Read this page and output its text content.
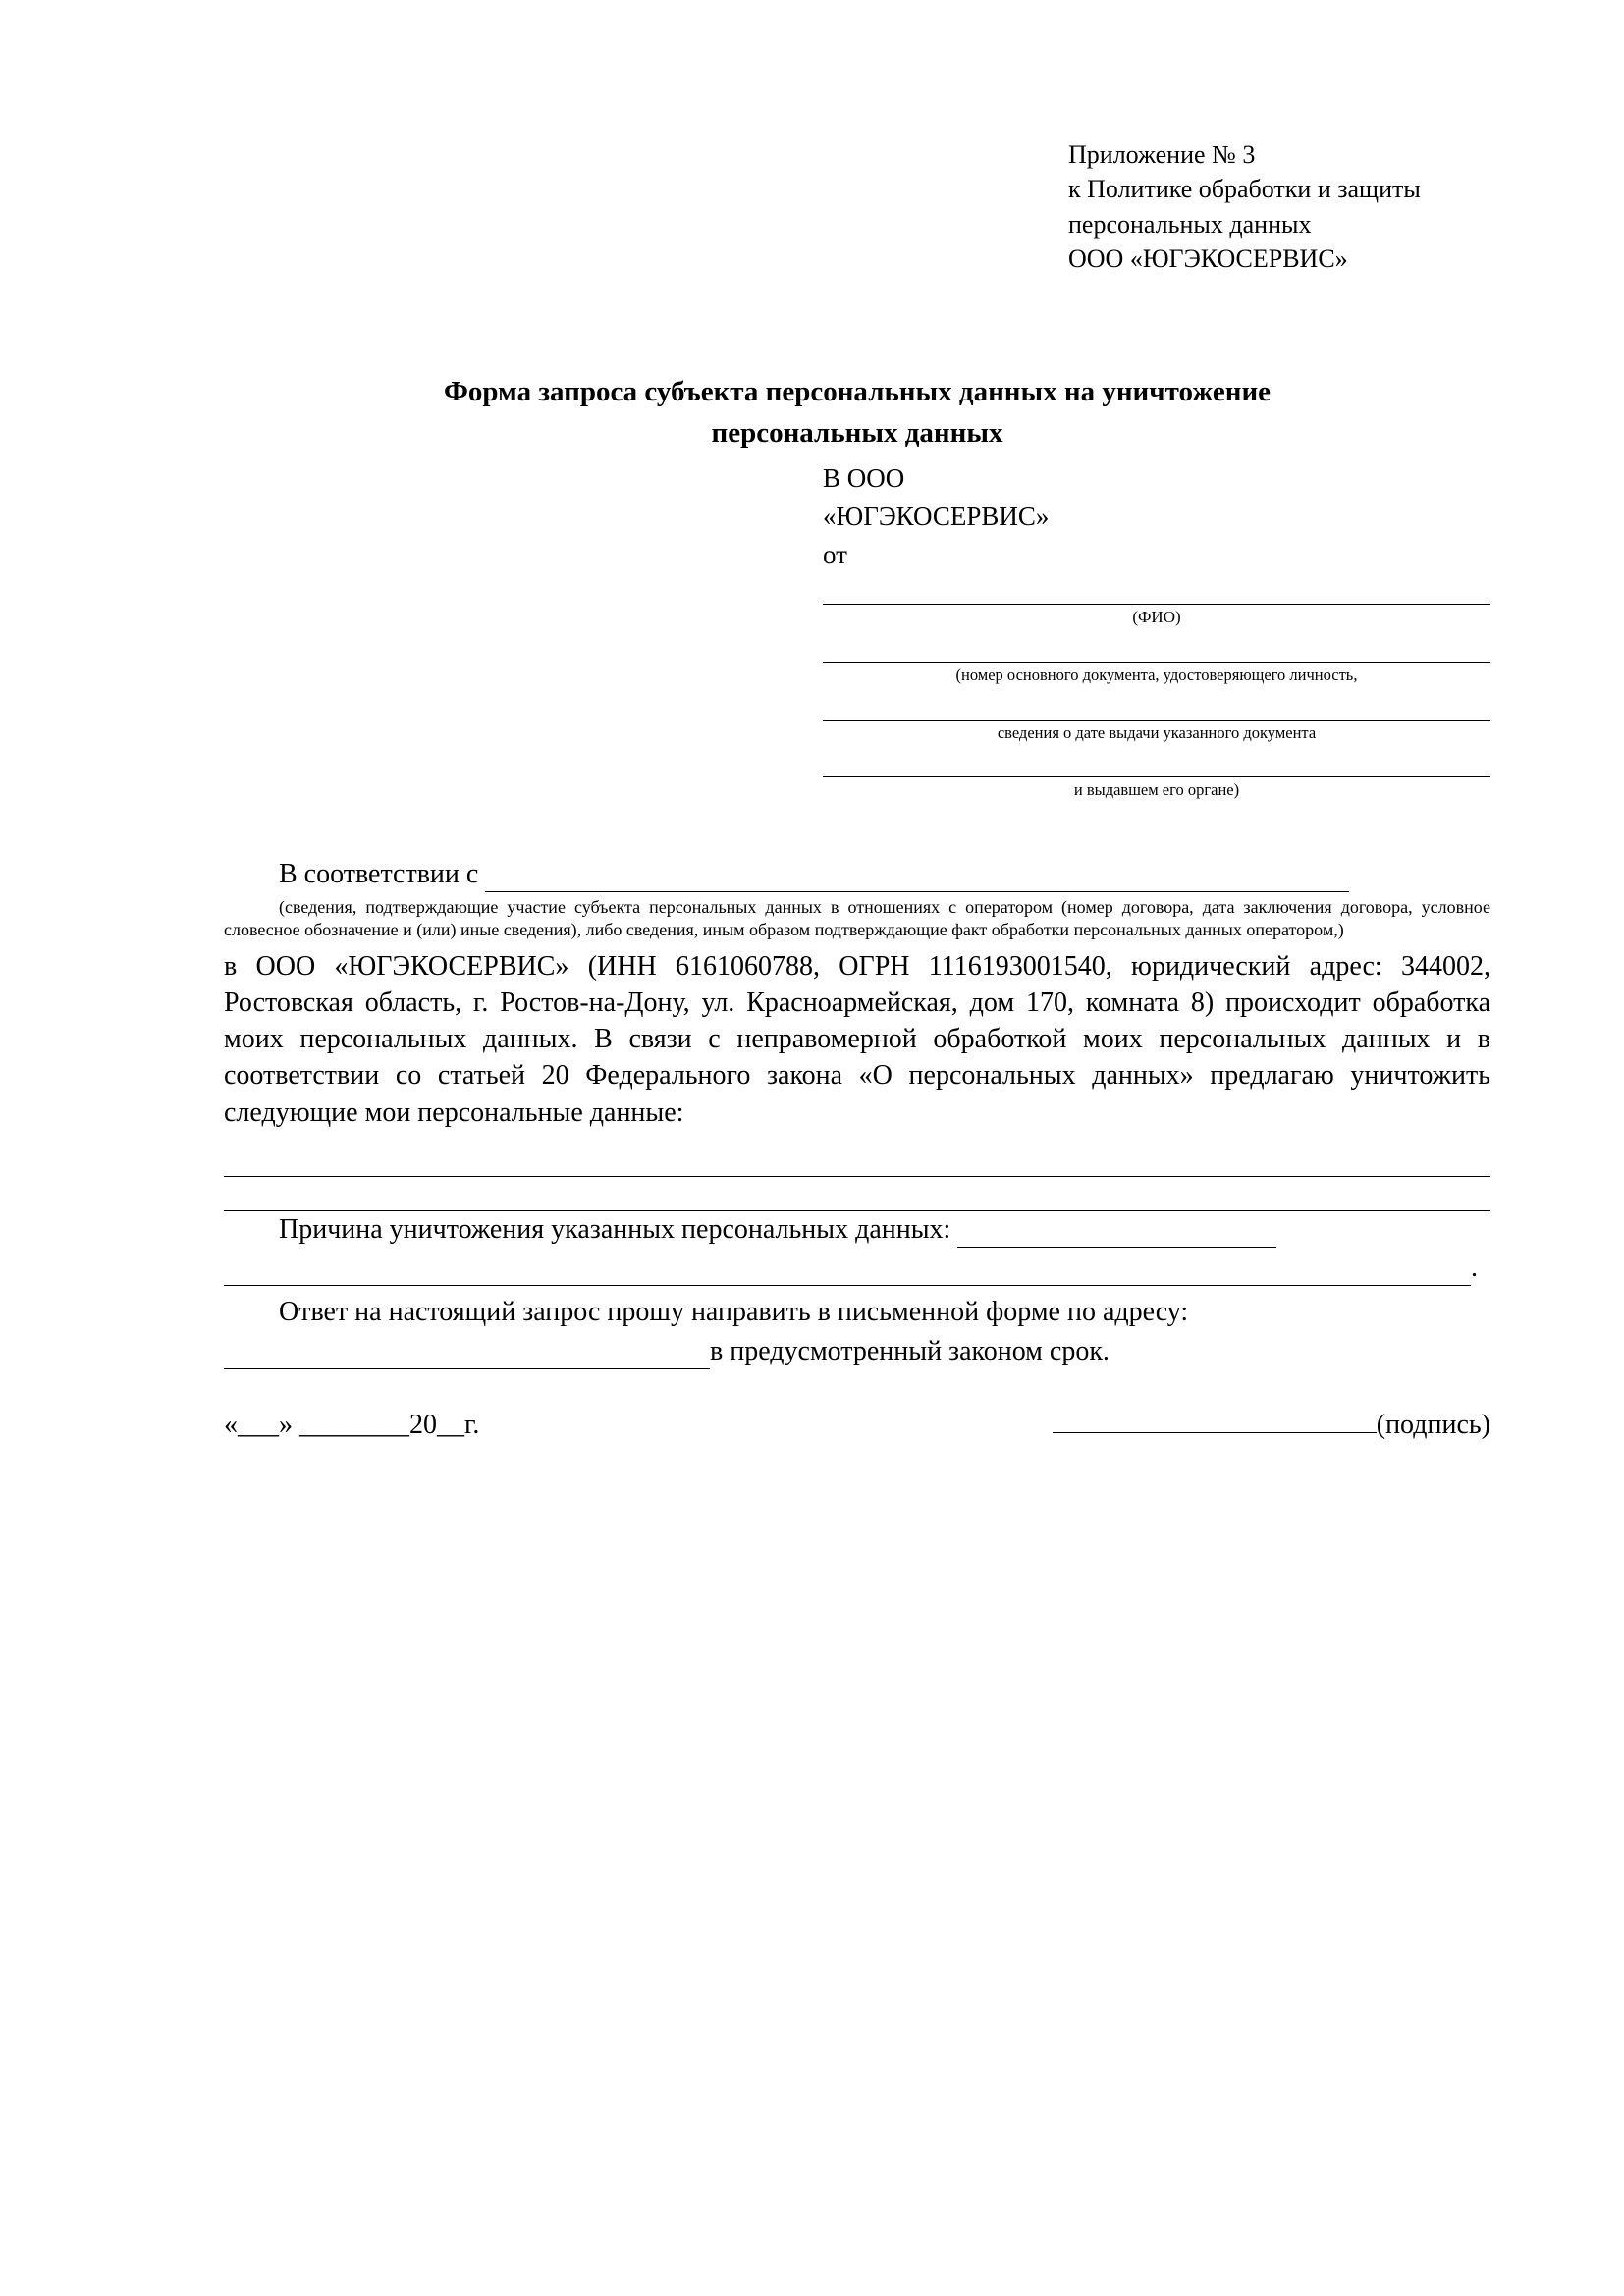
Приложение № 3
к Политике обработки и защиты
персональных данных
ООО «ЮГЭКОСЕРВИС»
Форма запроса субъекта персональных данных на уничтожение
персональных данных
В ООО
«ЮГЭКОСЕРВИС»
от
(ФИО)
(номер основного документа, удостоверяющего личность,
сведения о дате выдачи указанного документа
и выдавшем его органе)
В соответствии с
(сведения, подтверждающие участие субъекта персональных данных в отношениях с оператором (номер договора, дата заключения договора, условное словесное обозначение и (или) иные сведения), либо сведения, иным образом подтверждающие факт обработки персональных данных оператором,)
в ООО «ЮГЭКОСЕРВИС» (ИНН 6161060788, ОГРН 1116193001540, юридический адрес: 344002, Ростовская область, г. Ростов-на-Дону, ул. Красноармейская, дом 170, комната 8) происходит обработка моих персональных данных. В связи с неправомерной обработкой моих персональных данных и в соответствии со статьей 20 Федерального закона «О персональных данных» предлагаю уничтожить следующие мои персональные данные:
Причина уничтожения указанных персональных данных:
.
Ответ на настоящий запрос прошу направить в письменной форме по адресу:
в предусмотренный законом срок.
«___» ________20__г.	(подпись)
